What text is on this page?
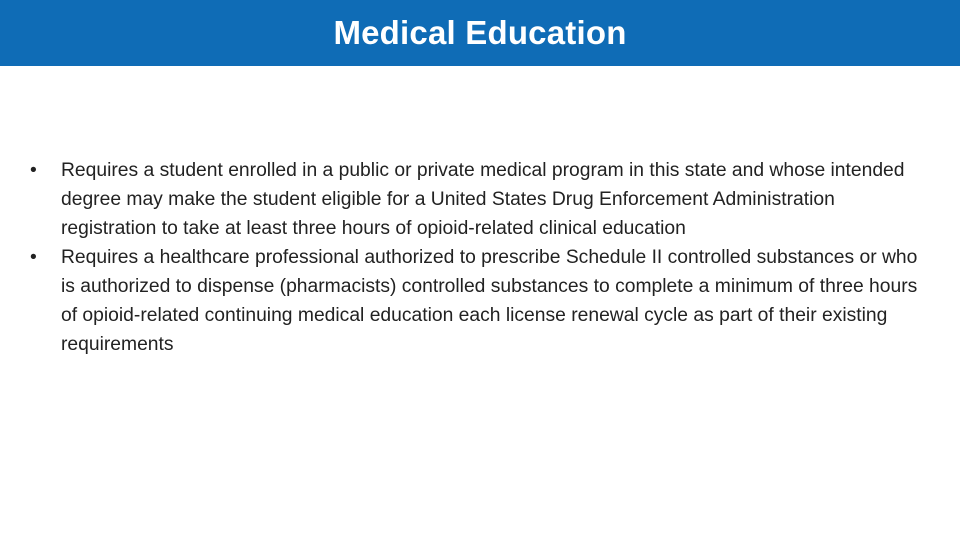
Medical Education
•	Requires a student enrolled in a public or private medical program in this state and whose intended degree may make the student eligible for a United States Drug Enforcement Administration registration to take at least three hours of opioid-related clinical education
•	Requires a healthcare professional authorized to prescribe Schedule II controlled substances or who is authorized to dispense (pharmacists) controlled substances to complete a minimum of three hours of opioid-related continuing medical education each license renewal cycle as part of their existing requirements
